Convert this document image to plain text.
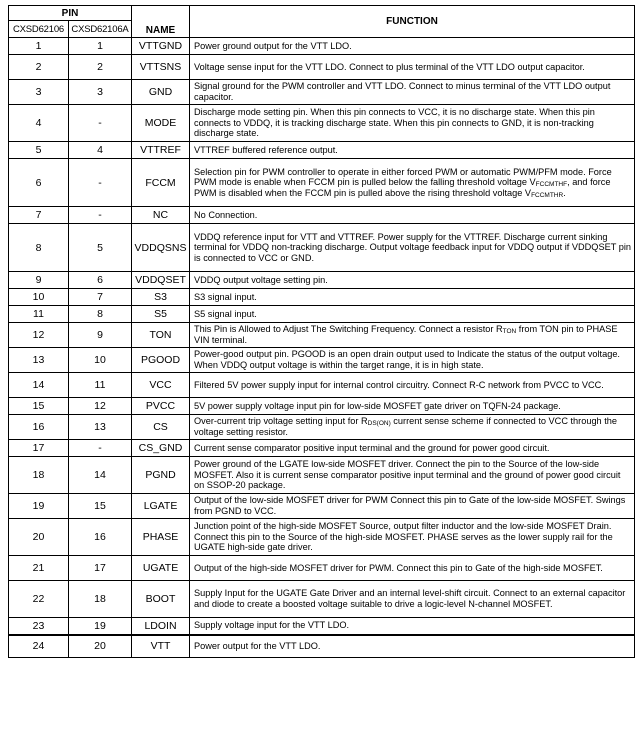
PIN		NAME	FUNCTION
CXSD62106	CXSD62106A		
1	1	VTTGND	Power ground output for the VTT LDO.
2	2	VTTSNS	Voltage sense input for the VTT LDO. Connect to plus terminal of the VTT LDO output capacitor.
3	3	GND	Signal ground for the PWM controller and VTT LDO. Connect to minus terminal of the VTT LDO output capacitor.
4	-	MODE	Discharge mode setting pin. When this pin connects to VCC, it is no discharge state. When this pin connects to VDDQ, it is tracking discharge state. When this pin connects to GND, it is non-tracking discharge state.
5	4	VTTREF	VTTREF buffered reference output.
6	-	FCCM	Selection pin for PWM controller to operate in either forced PWM or automatic PWM/PFM mode. Force PWM mode is enable when FCCM pin is pulled below the falling threshold voltage $V_{FCCMTHF}$, and force PWM is disabled when the FCCM pin is pulled above the rising threshold voltage $V_{FCCMTHR}$.
7	-	NC	No Connection.
8	5	VDDQSNS	VDDQ reference input for VTT and VTTREF. Power supply for the VTTREF. Discharge current sinking terminal for VDDQ non-tracking discharge. Output voltage feedback input for VDDQ output if VDDQSET pin is connected to VCC or GND.
9	6	VDDQSET	VDDQ output voltage setting pin.
10	7	S3	S3 signal input.
11	8	S5	S5 signal input.
12	9	TON	This Pin is Allowed to Adjust The Switching Frequency. Connect a resistor $R_{TON}$ from TON pin to PHASE VIN terminal.
13	10	PGOOD	Power-good output pin. PGOOD is an open drain output used to Indicate the status of the output voltage. When VDDQ output voltage is within the target range, it is in high state.
14	11	VCC	Filtered 5V power supply input for internal control circuitry. Connect R-C network from PVCC to VCC.
15	12	PVCC	5V power supply voltage input pin for low-side MOSFET gate driver on TQFN-24 package.
16	13	CS	Over-current trip voltage setting input for $R_{DS(ON)}$ current sense scheme if connected to VCC through the voltage setting resistor.
17	-	CS_GND	Current sense comparator positive input terminal and the ground for power good circuit.
18	14	PGND	Power ground of the LGATE low-side MOSFET driver. Connect the pin to the Source of the low-side MOSFET. Also it is current sense comparator positive input terminal and the ground of power good circuit on SSOP-20 package.
19	15	LGATE	Output of the low-side MOSFET driver for PWM Connect this pin to Gate of the low-side MOSFET. Swings from PGND to VCC.
20	16	PHASE	Junction point of the high-side MOSFET Source, output filter inductor and the low-side MOSFET Drain. Connect this pin to the Source of the high-side MOSFET. PHASE serves as the lower supply rail for the UGATE high-side gate driver.
21	17	UGATE	Output of the high-side MOSFET driver for PWM. Connect this pin to Gate of the high-side MOSFET.
22	18	BOOT	Supply Input for the UGATE Gate Driver and an internal level-shift circuit. Connect to an external capacitor and diode to create a boosted voltage suitable to drive a logic-level N-channel MOSFET.
23	19	LDOIN	Supply voltage input for the VTT LDO.
24	20	VTT	Power output for the VTT LDO.
